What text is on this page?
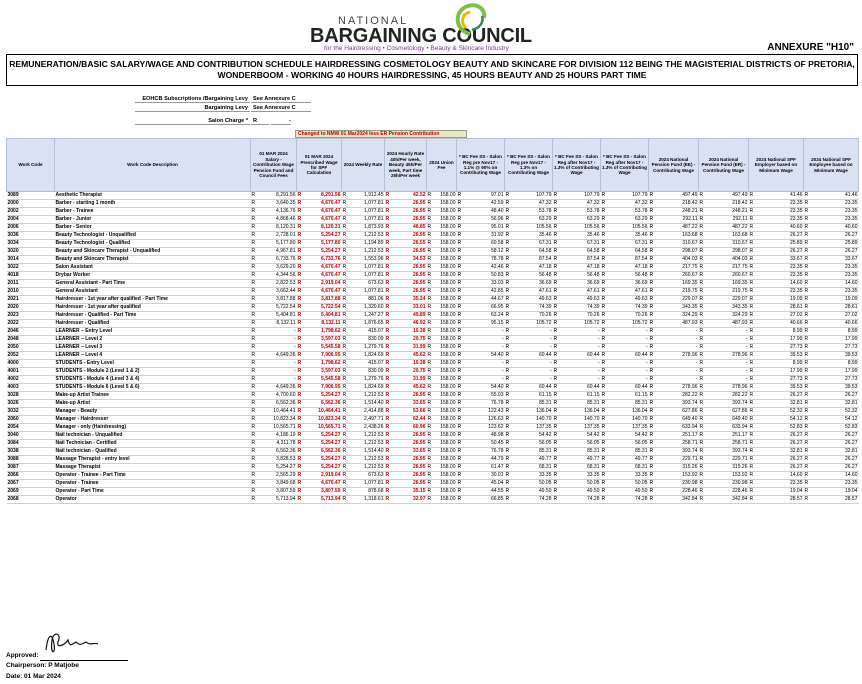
NATIONAL
BARGAINING COUNCIL
for the Hairdressing • Cosmetology • Beauty & Skincare Industry	ANNEXURE "H10"
REMUNERATION/BASIC SALARY/WAGE AND CONTRIBUTION SCHEDULE HAIRDRESSING COSMETOLOGY BEAUTY AND SKINCARE FOR DIVISION 112 BEING THE MAGISTERIAL DISTRICTS OF PRETORIA,
WONDERBOOM - WORKING 40 HOURS HAIRDRESSING, 45 HOURS BEAUTY AND 25 HOURS PART TIME
EOHCB Subscriptions /Bargaining Levy See Annexure C
Bargaining Levy See Annexure C
Salon Charge * R	-
Changed to NMW 01 Mar2024 less ER Pension Contribution
Work Code	Work Code Description	01 MAR 2024 Salary - Contribution Wage Pension Fund and Council Fees	01 MAR 2024 Prescribed Wage for SPF Calculation	2024 Weekly Rate	2024 Hourly Rate 40h/Per week, Beauty 45h/Per week, Part time 25h/Per week	2024 Union Fee	* BC Fee SS - Salon Reg pre Nov17 - 1.1% @ 90% on Contributing Wage	* BC Fee SS - Salon Reg pre Nov17 - 1.3% on Contributing Wage	* BC Fee SS - Salon Reg after Nov17 - 1.3% of Contributing Wage	* BC Fee SS - Salon Reg after Nov17 - 1.3% of Contributing Wage	2024 National Pension Fund (EE) - Contributing Wage	2024 National Pension Fund (ER) - Contributing Wage	2024 National SPF Employer based on Minimum Wage	2024 National SPF Employee based on Minimum Wage
3089	Aesthetic Therapist	R 8,291.56	R 8,291.56	R 1,913.45	R 42.52	R 158.00	R 97.01	R 107.79	R 107.79	R 107.79	R 497.49	R 497.49	R 41.46	R 41.46

2000	Barber - starting 1 month	R 3,640.35	R 4,670.47	R 1,077.81	R 26.95	R 158.00	R 42.59	R 47.32	R 47.32	R 47.32	R 218.42	R 218.42	R 23.35	R 23.35

2002	Barber - Trainee	R 4,136.76	R 4,670.47	R 1,077.81	R 26.95	R 158.00	R 48.40	R 53.78	R 53.78	R 53.78	R 248.21	R 248.21	R 23.35	R 23.35

2004	Barber - Junior	R 4,868.46	R 4,670.47	R 1,077.81	R 26.95	R 158.00	R 56.96	R 63.29	R 63.29	R 63.29	R 292.11	R 292.11	R 23.35	R 23.35

2006	Barber - Senior	R 8,120.31	R 8,120.31	R 1,873.93	R 46.85	R 158.00	R 95.01	R 105.56	R 105.56	R 105.56	R 487.22	R 487.22	R 40.60	R 40.60

3036	Beauty Technologist - Unqualified	R 2,728.01	R 5,254.27	R 1,212.53	R 26.95	R 158.00	R 31.92	R 35.46	R 35.46	R 35.46	R 163.68	R 163.68	R 26.27	R 26.27

3034	Beauty Technologist - Qualified	R 5,177.80	R 5,177.80	R 1,194.89	R 26.55	R 158.00	R 60.58	R 67.31	R 67.31	R 67.31	R 310.67	R 310.67	R 25.89	R 25.89

3020	Beauty and Skincare Therapist - Unqualified	R 4,967.81	R 5,254.27	R 1,212.53	R 26.95	R 158.00	R 58.12	R 64.58	R 64.58	R 64.58	R 298.07	R 298.07	R 26.27	R 26.27

3014	Beauty and Skincare Therapist	R 6,733.76	R 6,733.76	R 1,553.96	R 34.53	R 158.00	R 78.78	R 87.54	R 87.54	R 87.54	R 404.03	R 404.03	R 33.67	R 33.67

3022	Salon Assistant	R 3,629.20	R 4,670.47	R 1,077.81	R 26.95	R 158.00	R 42.46	R 47.18	R 47.18	R 47.18	R 217.75	R 217.75	R 23.35	R 23.35

4018	Drybar Worker	R 4,344.56	R 4,670.47	R 1,077.81	R 26.95	R 158.00	R 50.83	R 56.48	R 56.48	R 56.48	R 260.67	R 260.67	R 23.35	R 23.35

2011	General Assistant - Part Time	R 2,822.53	R 2,919.04	R 673.63	R 26.95	R 158.00	R 33.03	R 36.69	R 36.69	R 36.69	R 169.35	R 169.35	R 14.60	R 14.60

2010	General Assistant	R 3,662.44	R 4,670.47	R 1,077.81	R 26.95	R 158.00	R 42.85	R 47.61	R 47.61	R 47.61	R 219.75	R 219.75	R 23.35	R 23.35

2021	Hairdresser - 1st year after qualified - Part Time	R 3,817.88	R 3,817.88	R 881.06	R 35.24	R 158.00	R 44.67	R 49.63	R 49.63	R 49.63	R 229.07	R 229.07	R 19.09	R 19.09

2020	Hairdresser - 1st year after qualified	R 5,722.54	R 5,722.54	R 1,320.60	R 33.01	R 158.00	R 66.95	R 74.39	R 74.39	R 74.39	R 343.35	R 343.35	R 28.61	R 28.61

2023	Hairdresser - Qualified - Part Time	R 5,404.81	R 5,404.81	R 1,247.27	R 49.89	R 158.00	R 63.24	R 70.26	R 70.26	R 70.26	R 324.29	R 324.29	R 27.02	R 27.02

2022	Hairdresser - Qualified	R 8,132.11	R 8,132.11	R 1,876.65	R 46.92	R 158.00	R 95.15	R 105.72	R 105.72	R 105.72	R 487.93	R 487.93	R 40.66	R 40.66

2046	LEARNER – Entry Level	R -	R 1,798.62	R 415.07	R 10.38	R 158.00	R -	R -	R -	R -	R -	R -	R 8.99	R 8.99

2048	LEARNER – Level 2	R -	R 3,597.03	R 830.09	R 20.75	R 158.00	R -	R -	R -	R -	R -	R -	R 17.99	R 17.99

2050	LEARNER – Level 3	R -	R 5,545.58	R 1,279.76	R 31.99	R 158.00	R -	R -	R -	R -	R -	R -	R 27.73	R 27.73

2052	LEARNER – Level 4	R 4,649.36	R 7,906.95	R 1,824.69	R 45.62	R 158.00	R 54.40	R 60.44	R 60.44	R 60.44	R 278.96	R 278.96	R 39.53	R 39.53

4000	STUDENTS - Entry Level	R -	R 1,798.62	R 415.07	R 10.38	R 158.00	R -	R -	R -	R -	R -	R -	R 8.99	R 8.99

4001	STUDENTS - Module 2 (Level 1 & 2)	R -	R 3,597.03	R 830.09	R 20.75	R 158.00	R -	R -	R -	R -	R -	R -	R 17.99	R 17.99

4002	STUDENTS - Module 4 (Level 3 & 4)	R -	R 5,545.58	R 1,279.76	R 31.99	R 158.00	R -	R -	R -	R -	R -	R -	R 27.73	R 27.73

4003	STUDENTS - Module 6 (Level 5 & 6)	R 4,649.36	R 7,906.95	R 1,824.69	R 45.62	R 158.00	R 54.40	R 60.44	R 60.44	R 60.44	R 278.96	R 278.96	R 39.53	R 39.53

3028	Make-up Artist Trainee	R 4,700.60	R 5,254.27	R 1,212.53	R 26.95	R 158.00	R 55.03	R 61.15	R 61.15	R 61.15	R 282.22	R 282.22	R 26.27	R 26.27

3026	Make-up Artist	R 6,562.36	R 6,562.36	R 1,514.40	R 33.65	R 158.00	R 76.78	R 85.31	R 85.31	R 85.31	R 393.74	R 393.74	R 32.81	R 32.81

3032	Manager - Beauty	R 10,464.41	R 10,464.41	R 2,414.88	R 53.66	R 158.00	R 122.43	R 136.04	R 136.04	R 136.04	R 627.86	R 627.86	R 52.32	R 52.32

2060	Manager - Hairdresser	R 10,823.34	R 10,823.34	R 2,497.71	R 62.44	R 158.00	R 126.63	R 140.70	R 140.70	R 140.70	R 649.40	R 649.40	R 54.12	R 54.12

2054	Manager - only (Hairdressing)	R 10,565.71	R 10,565.71	R 2,438.26	R 60.96	R 158.00	R 123.62	R 137.35	R 137.35	R 137.35	R 633.94	R 633.94	R 52.83	R 52.83

3040	Nail technician - Unqualified	R 4,186.19	R 5,254.27	R 1,212.53	R 26.95	R 158.00	R 48.98	R 54.42	R 54.42	R 54.42	R 251.17	R 251.17	R 26.27	R 26.27

3084	Nail Technician - Certified	R 4,311.78	R 5,254.27	R 1,212.53	R 26.95	R 158.00	R 50.45	R 56.05	R 56.05	R 56.05	R 258.71	R 258.71	R 26.27	R 26.27

3038	Nail technician - Qualified	R 6,562.36	R 6,562.36	R 1,514.40	R 33.65	R 158.00	R 76.78	R 85.31	R 85.31	R 85.31	R 393.74	R 393.74	R 32.81	R 32.81

3088	Massage Therapist - entry level	R 3,828.53	R 5,254.27	R 1,212.53	R 26.95	R 158.00	R 44.79	R 49.77	R 49.77	R 49.77	R 229.71	R 229.71	R 26.27	R 26.27

3087	Massage Therapist	R 5,254.27	R 5,254.27	R 1,212.53	R 26.95	R 158.00	R 61.47	R 68.31	R 68.31	R 68.31	R 315.26	R 315.26	R 26.27	R 26.27

2066	Operator - Trainee - Part Time	R 2,565.29	R 2,919.04	R 673.63	R 26.95	R 158.00	R 30.01	R 33.35	R 33.35	R 33.35	R 153.92	R 153.92	R 14.60	R 14.60

2067	Operator - Trainee	R 3,849.68	R 4,670.47	R 1,077.81	R 26.95	R 158.00	R 45.04	R 50.05	R 50.05	R 50.05	R 230.98	R 230.98	R 23.35	R 23.35

2069	Operator - Part Time	R 3,807.59	R 3,807.59	R 878.68	R 35.15	R 158.00	R 44.55	R 49.50	R 49.50	R 49.50	R 228.46	R 228.46	R 19.04	R 19.04

2068	Operator	R 5,713.94	R 5,713.94	R 1,318.61	R 32.97	R 158.00	R 66.85	R 74.28	R 74.28	R 74.28	R 342.84	R 342.84	R 28.57	R 28.57
Approved:
Chairperson: P Matjobe
Date: 01 Mar 2024
